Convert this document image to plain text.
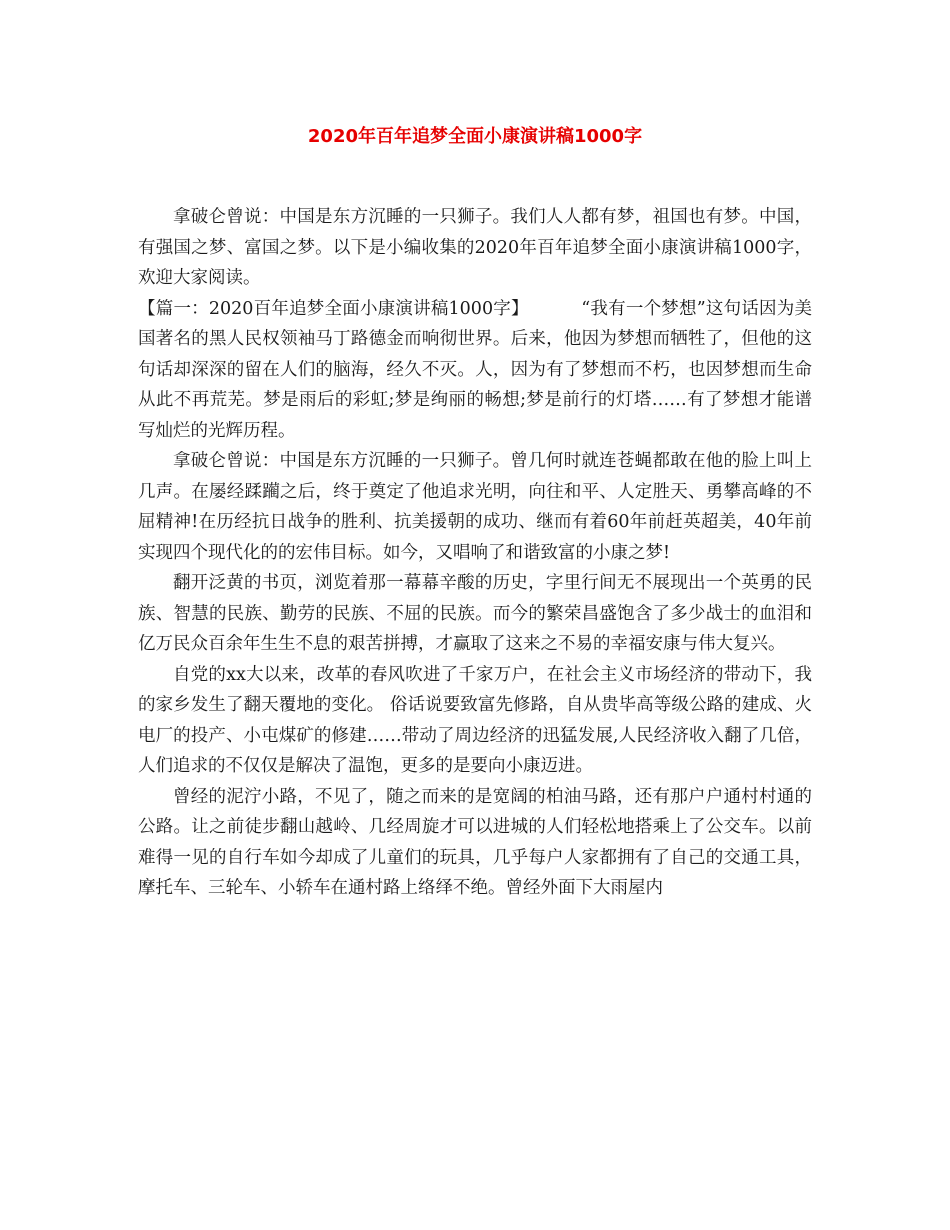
2020年百年追梦全面小康演讲稿1000字

拿破仑曾说：中国是东方沉睡的一只狮子。我们人人都有梦，祖国也有梦。中国，有强国之梦、富国之梦。以下是小编收集的2020年百年追梦全面小康演讲稿1000字，欢迎大家阅读。

【篇一：2020百年追梦全面小康演讲稿1000字】	“我有一个梦想”这句话因为美国著名的黑人民权领袖马丁路德金而响彻世界。后来，他因为梦想而牺牲了，但他的这句话却深深的留在人们的脑海，经久不灭。人，因为有了梦想而不朽，也因梦想而生命从此不再荒芜。梦是雨后的彩虹;梦是绚丽的畅想;梦是前行的灯塔……有了梦想才能谱写灿烂的光辉历程。

拿破仑曾说：中国是东方沉睡的一只狮子。曾几何时就连苍蝇都敢在他的脸上叫上几声。在屡经蹂躏之后，终于奠定了他追求光明，向往和平、人定胜天、勇攀高峰的不屈精神!在历经抗日战争的胜利、抗美援朝的成功、继而有着60年前赶英超美，40年前实现四个现代化的的宏伟目标。如今，又唱响了和谐致富的小康之梦!

翻开泛黄的书页，浏览着那一幕幕辛酸的历史，字里行间无不展现出一个英勇的民族、智慧的民族、勤劳的民族、不屈的民族。而今的繁荣昌盛饱含了多少战士的血泪和亿万民众百余年生生不息的艰苦拼搏，才赢取了这来之不易的幸福安康与伟大复兴。

自党的xx大以来，改革的春风吹进了千家万户，在社会主义市场经济的带动下，我的家乡发生了翻天覆地的变化。 俗话说要致富先修路，自从贵毕高等级公路的建成、火电厂的投产、小屯煤矿的修建……带动了周边经济的迅猛发展,人民经济收入翻了几倍，人们追求的不仅仅是解决了温饱，更多的是要向小康迈进。

曾经的泥泞小路，不见了，随之而来的是宽阔的柏油马路，还有那户户通村村通的公路。让之前徒步翻山越岭、几经周旋才可以进城的人们轻松地搭乘上了公交车。以前难得一见的自行车如今却成了儿童们的玩具，几乎每户人家都拥有了自己的交通工具，摩托车、三轮车、小轿车在通村路上络绎不绝。曾经外面下大雨屋内
